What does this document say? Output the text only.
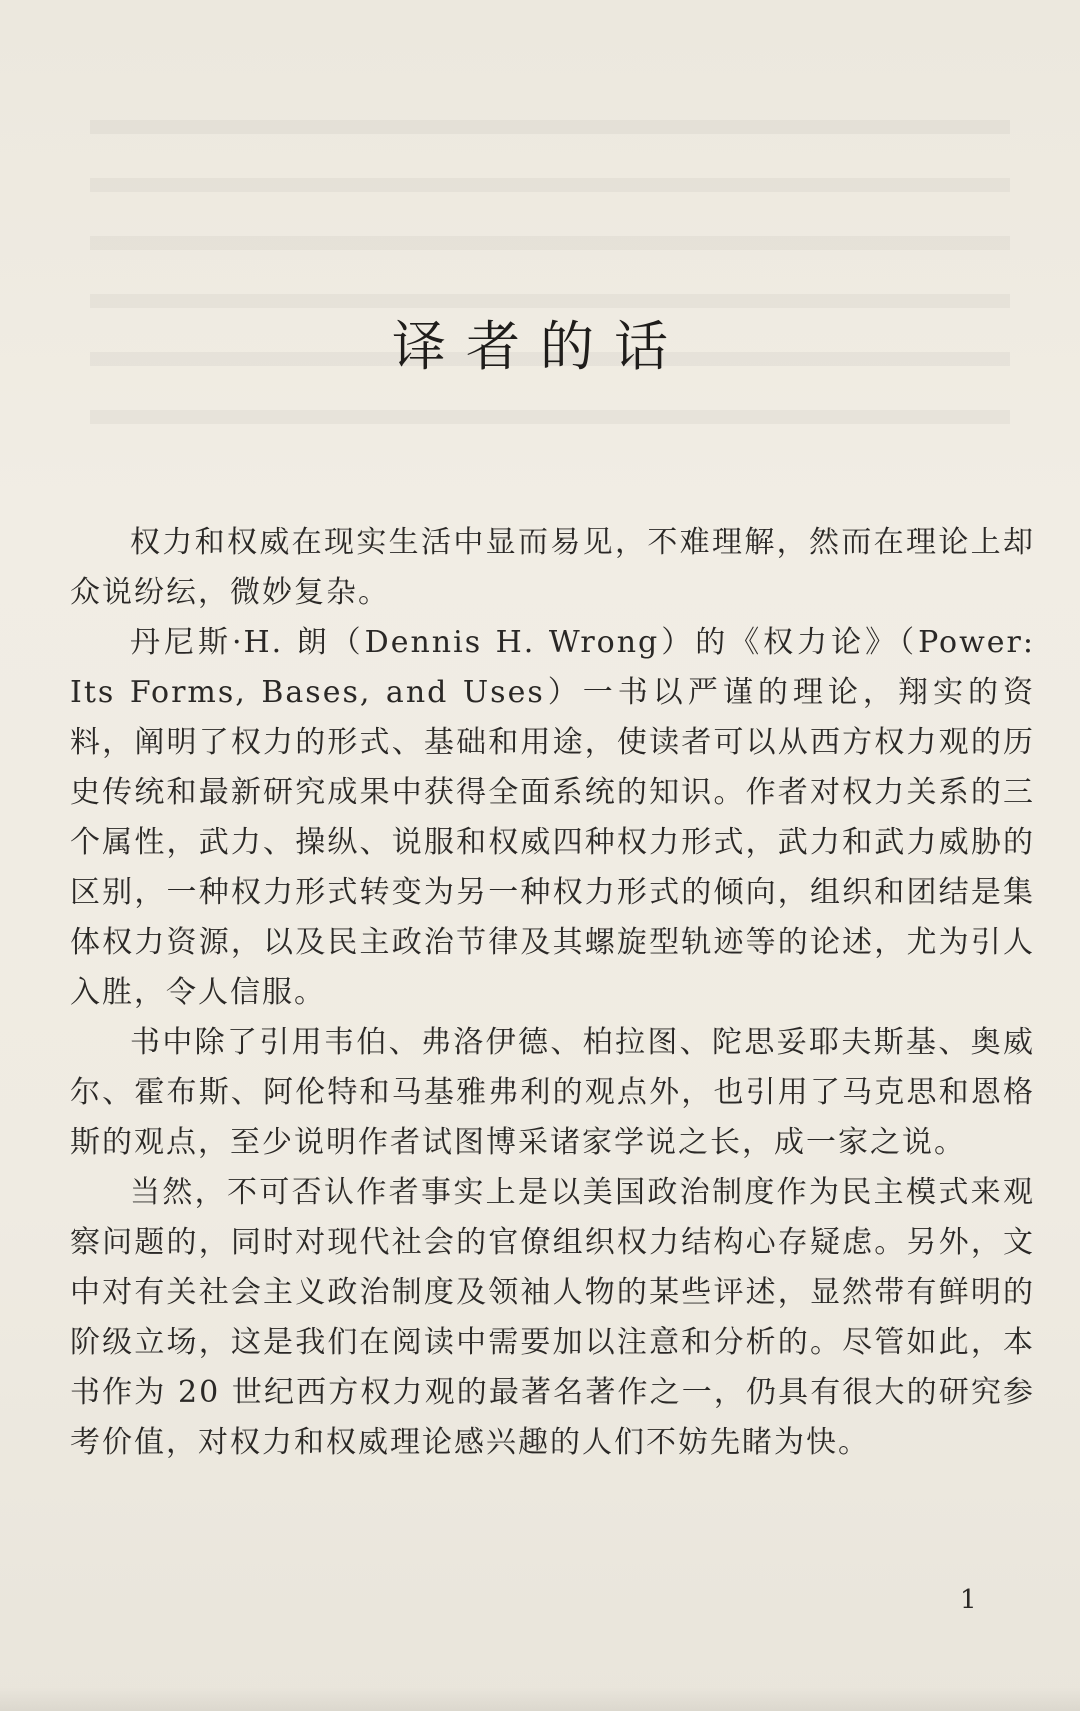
译者的话

权力和权威在现实生活中显而易见，不难理解，然而在理论上却众说纷纭，微妙复杂。

丹尼斯·H. 朗（Dennis H. Wrong）的《权力论》（Power: Its Forms, Bases, and Uses）一书以严谨的理论，翔实的资料，阐明了权力的形式、基础和用途，使读者可以从西方权力观的历史传统和最新研究成果中获得全面系统的知识。作者对权力关系的三个属性，武力、操纵、说服和权威四种权力形式，武力和武力威胁的区别，一种权力形式转变为另一种权力形式的倾向，组织和团结是集体权力资源，以及民主政治节律及其螺旋型轨迹等的论述，尤为引人入胜，令人信服。

书中除了引用韦伯、弗洛伊德、柏拉图、陀思妥耶夫斯基、奥威尔、霍布斯、阿伦特和马基雅弗利的观点外，也引用了马克思和恩格斯的观点，至少说明作者试图博采诸家学说之长，成一家之说。

当然，不可否认作者事实上是以美国政治制度作为民主模式来观察问题的，同时对现代社会的官僚组织权力结构心存疑虑。另外，文中对有关社会主义政治制度及领袖人物的某些评述，显然带有鲜明的阶级立场，这是我们在阅读中需要加以注意和分析的。尽管如此，本书作为 20 世纪西方权力观的最著名著作之一，仍具有很大的研究参考价值，对权力和权威理论感兴趣的人们不妨先睹为快。

1
